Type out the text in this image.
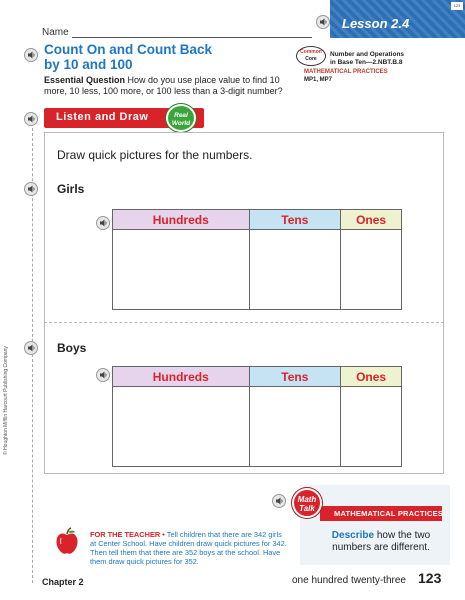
123
Lesson 2.4
Name
Count On and Count Back
by 10 and 100
Essential Question How do you use place value to find 10 more, 10 less, 100 more, or 100 less than a 3-digit number?
Common
Core
Number and Operations
in Base Ten—2.NBT.B.8
MATHEMATICAL PRACTICES
MP1, MP7
Listen and Draw	Real
World
Draw quick pictures for the numbers.
Girls
Hundreds	Tens	Ones

Boys
Hundreds	Tens	Ones

© Houghton Mifflin Harcourt Publishing Company
MATHEMATICAL PRACTICES 1
Math
Talk
Describe how the two numbers are different.
FOR THE TEACHER • Tell children that there are 342 girls at Center School. Have children draw quick pictures for 342. Then tell them that there are 352 boys at the school. Have them draw quick pictures for 352.
Chapter 2	one hundred twenty-three 123
